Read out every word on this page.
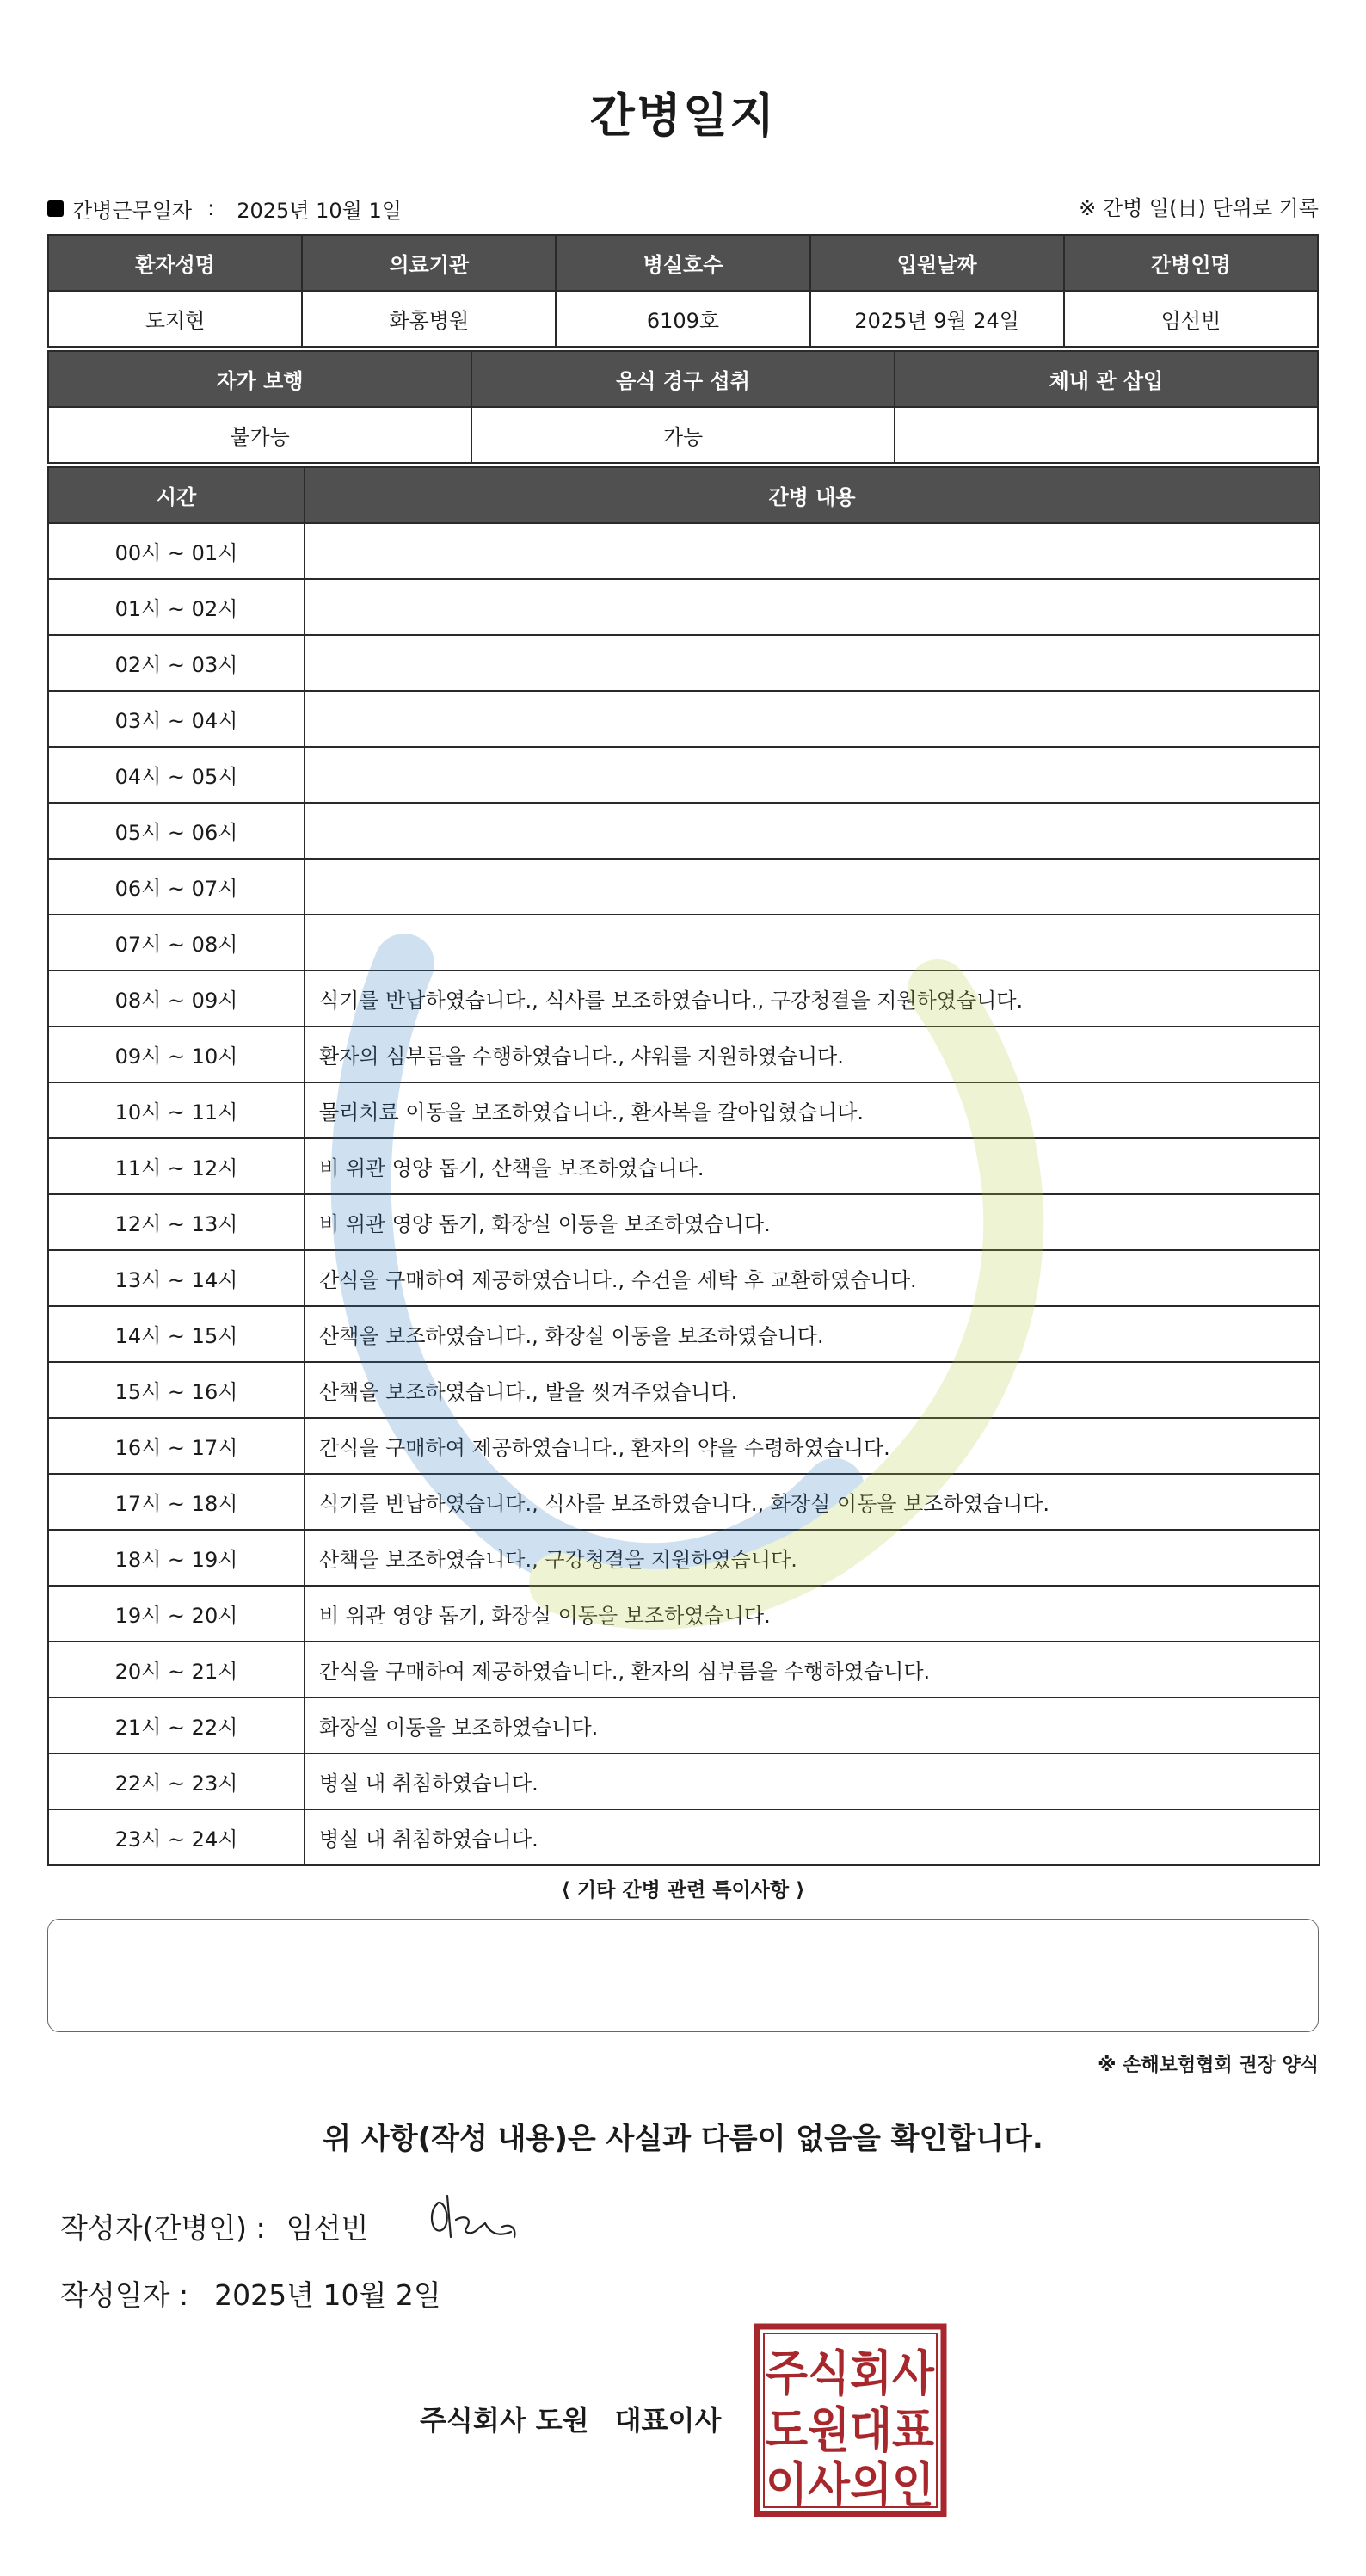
간병일지
간병근무일자 : 2025년 10월 1일	※ 간병 일(日) 단위로 기록
환자성명	의료기관	병실호수	입원날짜	간병인명
도지현	화홍병원	6109호	2025년 9월 24일	임선빈
자가 보행	음식 경구 섭취	체내 관 삽입
불가능	가능	
시간	간병 내용
00시 ~ 01시	
01시 ~ 02시	
02시 ~ 03시	
03시 ~ 04시	
04시 ~ 05시	
05시 ~ 06시	
06시 ~ 07시	
07시 ~ 08시	
08시 ~ 09시	식기를 반납하였습니다., 식사를 보조하였습니다., 구강청결을 지원하였습니다.
09시 ~ 10시	환자의 심부름을 수행하였습니다., 샤워를 지원하였습니다.
10시 ~ 11시	물리치료 이동을 보조하였습니다., 환자복을 갈아입혔습니다.
11시 ~ 12시	비 위관 영양 돕기, 산책을 보조하였습니다.
12시 ~ 13시	비 위관 영양 돕기, 화장실 이동을 보조하였습니다.
13시 ~ 14시	간식을 구매하여 제공하였습니다., 수건을 세탁 후 교환하였습니다.
14시 ~ 15시	산책을 보조하였습니다., 화장실 이동을 보조하였습니다.
15시 ~ 16시	산책을 보조하였습니다., 발을 씻겨주었습니다.
16시 ~ 17시	간식을 구매하여 제공하였습니다., 환자의 약을 수령하였습니다.
17시 ~ 18시	식기를 반납하였습니다., 식사를 보조하였습니다., 화장실 이동을 보조하였습니다.
18시 ~ 19시	산책을 보조하였습니다., 구강청결을 지원하였습니다.
19시 ~ 20시	비 위관 영양 돕기, 화장실 이동을 보조하였습니다.
20시 ~ 21시	간식을 구매하여 제공하였습니다., 환자의 심부름을 수행하였습니다.
21시 ~ 22시	화장실 이동을 보조하였습니다.
22시 ~ 23시	병실 내 취침하였습니다.
23시 ~ 24시	병실 내 취침하였습니다.
⟨ 기타 간병 관련 특이사항 ⟩
※ 손해보험협회 권장 양식
위 사항(작성 내용)은 사실과 다름이 없음을 확인합니다.
작성자(간병인) : 임선빈
작성일자 : 2025년 10월 2일
주식회사 도원 대표이사
주식회사
도원대표
이사의인
